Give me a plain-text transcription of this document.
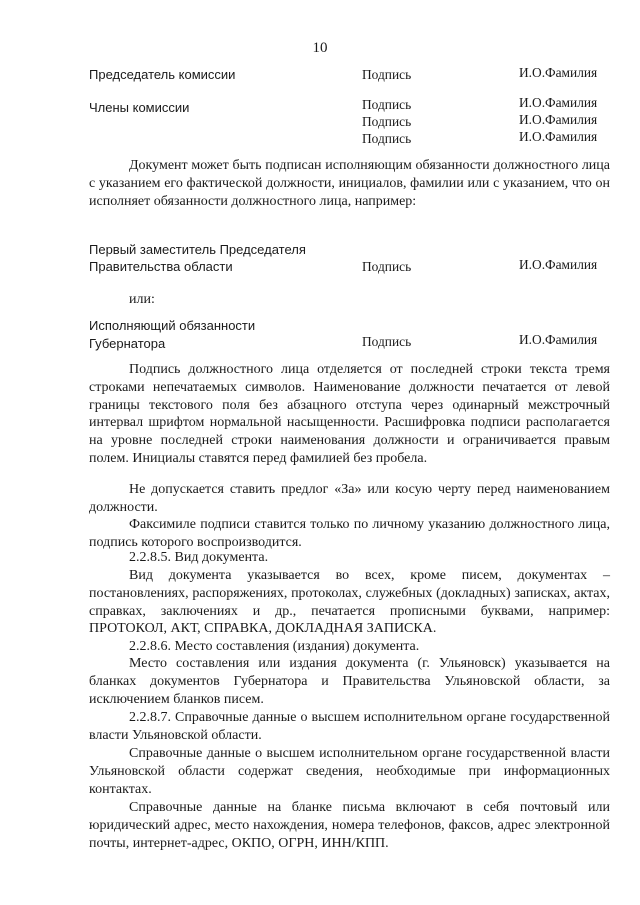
10
Председатель комиссии	Подпись	И.О.Фамилия
Члены комиссии	Подпись	И.О.Фамилия
Подпись	И.О.Фамилия
Подпись	И.О.Фамилия
Документ может быть подписан исполняющим обязанности должностного лица с указанием его фактической должности, инициалов, фамилии или с указанием, что он исполняет обязанности должностного лица, например:
Первый заместитель Председателя
Правительства области	Подпись	И.О.Фамилия
или:
Исполняющий обязанности
Губернатора	Подпись	И.О.Фамилия
Подпись должностного лица отделяется от последней строки текста тремя строками непечатаемых символов. Наименование должности печатается от левой границы текстового поля без абзацного отступа через одинарный межстрочный интервал шрифтом нормальной насыщенности. Расшифровка подписи располагается на уровне последней строки наименования должности и ограничивается правым полем. Инициалы ставятся перед фамилией без пробела.
Не допускается ставить предлог «За» или косую черту перед наименованием должности.
Факсимиле подписи ставится только по личному указанию должностного лица, подпись которого воспроизводится.
2.2.8.5. Вид документа.
Вид документа указывается во всех, кроме писем, документах – постановлениях, распоряжениях, протоколах, служебных (докладных) записках, актах, справках, заключениях и др., печатается прописными буквами, например: ПРОТОКОЛ, АКТ, СПРАВКА, ДОКЛАДНАЯ ЗАПИСКА.
2.2.8.6. Место составления (издания) документа.
Место составления или издания документа (г. Ульяновск) указывается на бланках документов Губернатора и Правительства Ульяновской области, за исключением бланков писем.
2.2.8.7. Справочные данные о высшем исполнительном органе государственной власти Ульяновской области.
Справочные данные о высшем исполнительном органе государственной власти Ульяновской области содержат сведения, необходимые при информационных контактах.
Справочные данные на бланке письма включают в себя почтовый или юридический адрес, место нахождения, номера телефонов, факсов, адрес электронной почты, интернет-адрес, ОКПО, ОГРН, ИНН/КПП.
